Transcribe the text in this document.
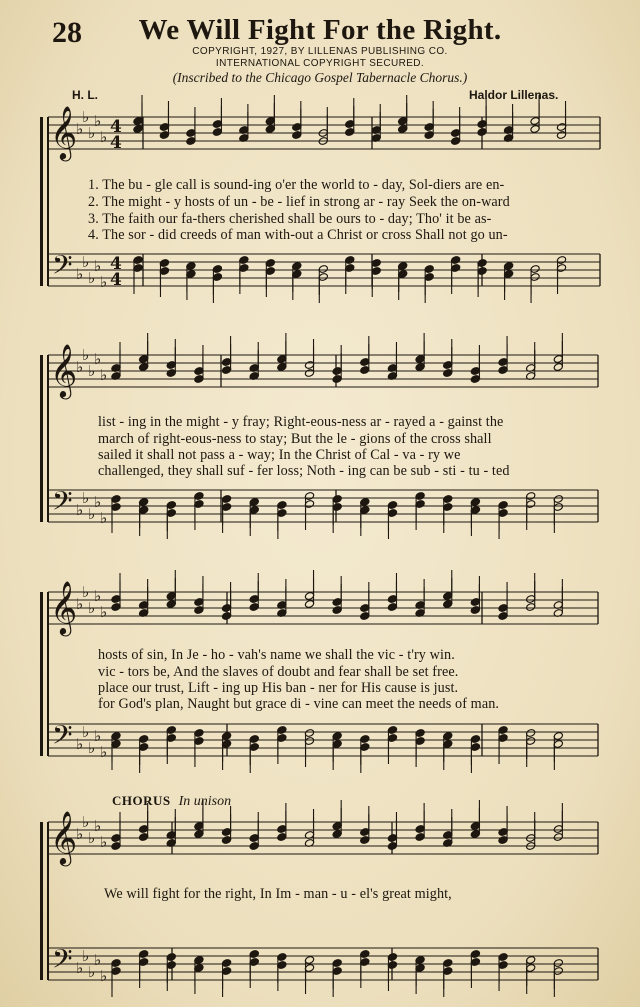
28	We Will Fight For the Right.
COPYRIGHT, 1927, BY LILLENAS PUBLISHING CO.
INTERNATIONAL COPYRIGHT SECURED.
(Inscribed to the Chicago Gospel Tabernacle Chorus.)
H. L.	Haldor Lillenas.
𝄞
𝄢
♭
♭
♭
♭
♭
♭
♭
♭
♭
♭
4
4
4
4
𝄞
𝄢
♭
♭
♭
♭
♭
♭
♭
♭
♭
♭
𝄞
𝄢
♭
♭
♭
♭
♭
♭
♭
♭
♭
♭
𝄞
𝄢
♭
♭
♭
♭
♭
♭
♭
♭
♭
♭
1. The bu - gle call is sound-ing o'er the world to - day, Sol-diers are en-
2. The might - y hosts of un - be - lief in strong ar - ray Seek the on-ward
3. The faith our fa-thers cherished shall be ours to - day; Tho' it be as-
4. The sor - did creeds of man with-out a Christ or cross Shall not go un-
list - ing in the might - y fray; Right-eous-ness ar - rayed a - gainst the
march of right-eous-ness to stay; But the le - gions of the cross shall
sailed it shall not pass a - way; In the Christ of Cal - va - ry we
challenged, they shall suf - fer loss; Noth - ing can be sub - sti - tu - ted
hosts of sin, In Je - ho - vah's name we shall the vic - t'ry win.
vic - tors be, And the slaves of doubt and fear shall be set free.
place our trust, Lift - ing up His ban - ner for His cause is just.
for God's plan, Naught but grace di - vine can meet the needs of man.
CHORUS In unison
We will fight for the right, In Im - man - u - el's great might,
